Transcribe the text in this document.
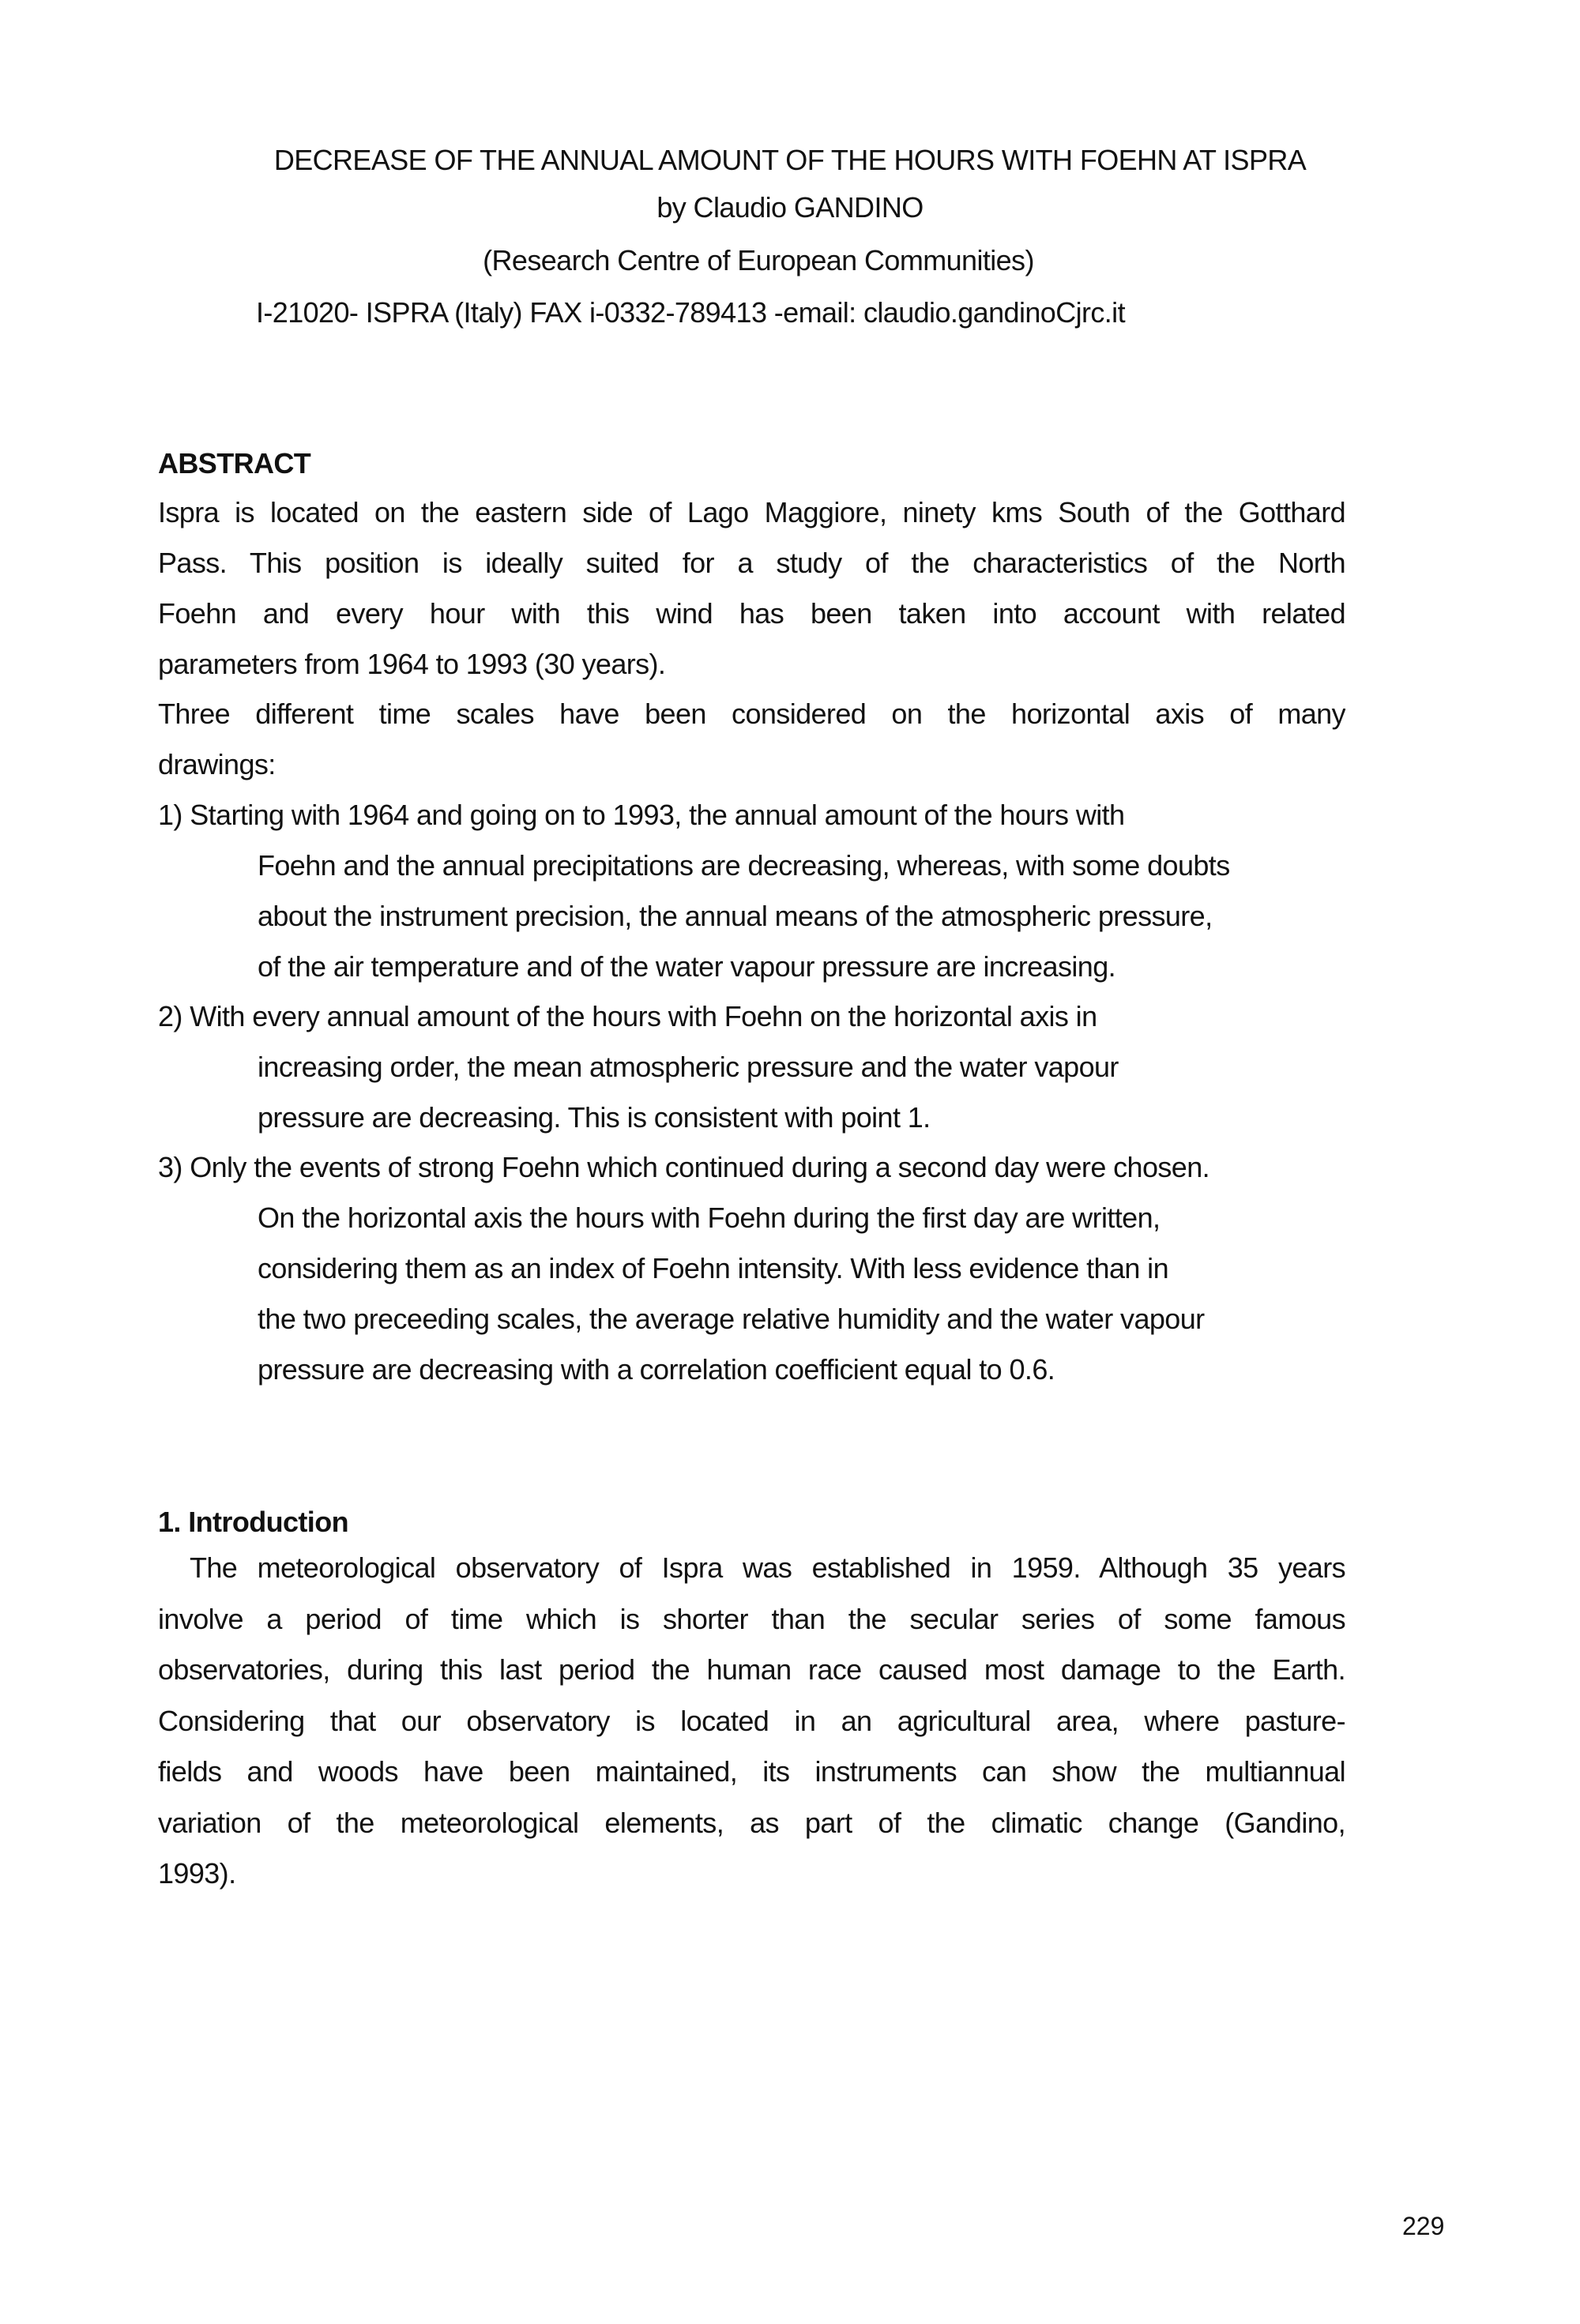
DECREASE OF THE ANNUAL AMOUNT OF THE HOURS WITH FOEHN AT ISPRA
by Claudio GANDINO
(Research Centre of European Communities)
I-21020- ISPRA (Italy) FAX i-0332-789413 -email: claudio.gandinoCjrc.it
ABSTRACT
Ispra is located on the eastern side of Lago Maggiore, ninety kms South of the Gotthard
Pass. This position is ideally suited for a study of the characteristics of the North
Foehn and every hour with this wind has been taken into account with related
parameters from 1964 to 1993 (30 years).
Three different time scales have been considered on the horizontal axis of many
drawings:
1) Starting with 1964 and going on to 1993, the annual amount of the hours with
Foehn and the annual precipitations are decreasing, whereas, with some doubts
about the instrument precision, the annual means of the atmospheric pressure,
of the air temperature and of the water vapour pressure are increasing.
2) With every annual amount of the hours with Foehn on the horizontal axis in
increasing order, the mean atmospheric pressure and the water vapour
pressure are decreasing. This is consistent with point 1.
3) Only the events of strong Foehn which continued during a second day were chosen.
On the horizontal axis the hours with Foehn during the first day are written,
considering them as an index of Foehn intensity. With less evidence than in
the two preceeding scales, the average relative humidity and the water vapour
pressure are decreasing with a correlation coefficient equal to 0.6.
The meteorological observatory of Ispra was established in 1959. Although 35 years
involve a period of time which is shorter than the secular series of some famous
observatories, during this last period the human race caused most damage to the Earth.
Considering that our observatory is located in an agricultural area, where pasture-
fields and woods have been maintained, its instruments can show the multiannual
variation of the meteorological elements, as part of the climatic change (Gandino,
1993).
1. Introduction
229
